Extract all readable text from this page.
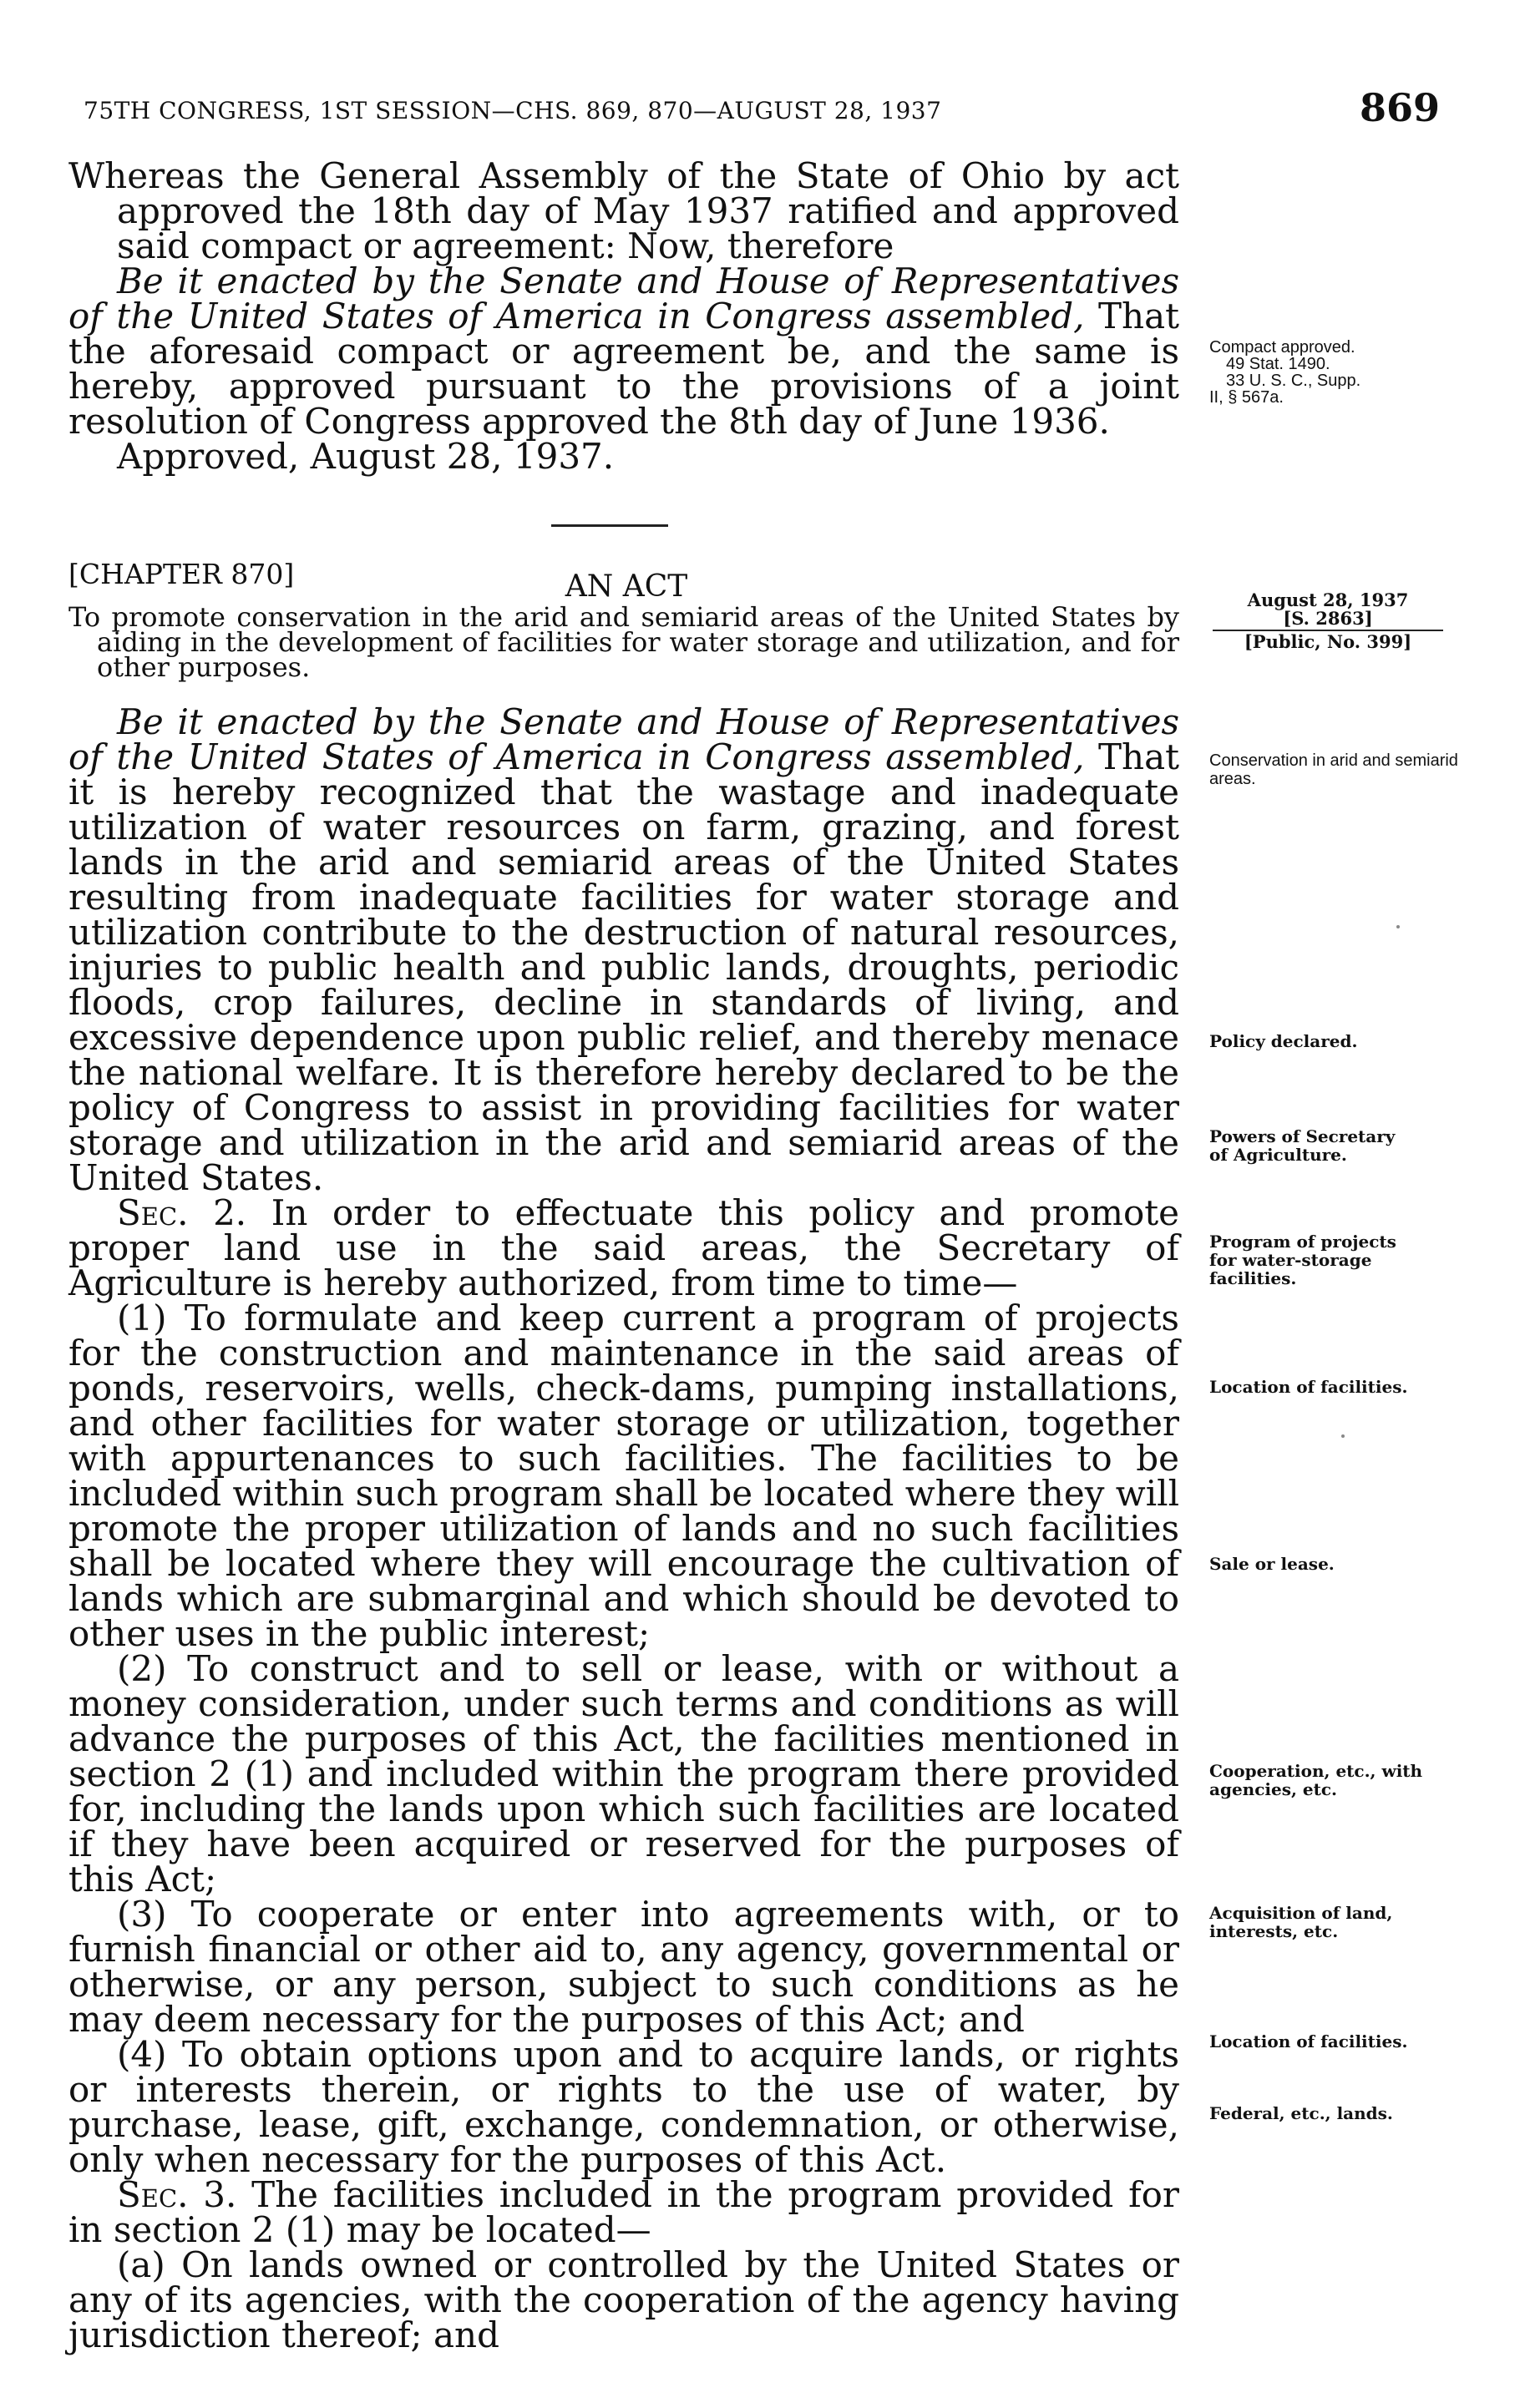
75TH CONGRESS, 1ST SESSION—CHS. 869, 870—AUGUST 28, 1937	869

Whereas the General Assembly of the State of Ohio by act approved the 18th day of May 1937 ratified and approved said compact or agreement: Now, therefore

Be it enacted by the Senate and House of Representatives of the United States of America in Congress assembled, That the aforesaid compact or agreement be, and the same is hereby, approved pursuant to the provisions of a joint resolution of Congress approved the 8th day of June 1936.

Approved, August 28, 1937.

Compact approved.
49 Stat. 1490.
33 U. S. C., Supp.
II, § 567a.
[CHAPTER 870]	AN ACT

To promote conservation in the arid and semiarid areas of the United States by aiding in the development of facilities for water storage and utilization, and for other purposes.

August 28, 1937
[S. 2863]
[Public, No. 399]

Be it enacted by the Senate and House of Representatives of the United States of America in Congress assembled, That it is hereby recognized that the wastage and inadequate utilization of water resources on farm, grazing, and forest lands in the arid and semiarid areas of the United States resulting from inadequate facilities for water storage and utilization contribute to the destruction of natural resources, injuries to public health and public lands, droughts, periodic floods, crop failures, decline in standards of living, and excessive dependence upon public relief, and thereby menace the national welfare. It is therefore hereby declared to be the policy of Congress to assist in providing facilities for water storage and utilization in the arid and semiarid areas of the United States.

Sec. 2. In order to effectuate this policy and promote proper land use in the said areas, the Secretary of Agriculture is hereby authorized, from time to time—

(1) To formulate and keep current a program of projects for the construction and maintenance in the said areas of ponds, reservoirs, wells, check-dams, pumping installations, and other facilities for water storage or utilization, together with appurtenances to such facilities. The facilities to be included within such program shall be located where they will promote the proper utilization of lands and no such facilities shall be located where they will encourage the cultivation of lands which are submarginal and which should be devoted to other uses in the public interest;

(2) To construct and to sell or lease, with or without a money consideration, under such terms and conditions as will advance the purposes of this Act, the facilities mentioned in section 2 (1) and included within the program there provided for, including the lands upon which such facilities are located if they have been acquired or reserved for the purposes of this Act;

(3) To cooperate or enter into agreements with, or to furnish financial or other aid to, any agency, governmental or otherwise, or any person, subject to such conditions as he may deem necessary for the purposes of this Act; and

(4) To obtain options upon and to acquire lands, or rights or interests therein, or rights to the use of water, by purchase, lease, gift, exchange, condemnation, or otherwise, only when necessary for the purposes of this Act.

Sec. 3. The facilities included in the program provided for in section 2 (1) may be located—

(a) On lands owned or controlled by the United States or any of its agencies, with the cooperation of the agency having jurisdiction thereof; and

Conservation in arid and semiarid areas.
Policy declared.
Powers of Secretary of Agriculture.
Program of projects for water-storage facilities.
Location of facilities.
Sale or lease.
Cooperation, etc., with agencies, etc.
Acquisition of land, interests, etc.
Location of facilities.
Federal, etc., lands.
